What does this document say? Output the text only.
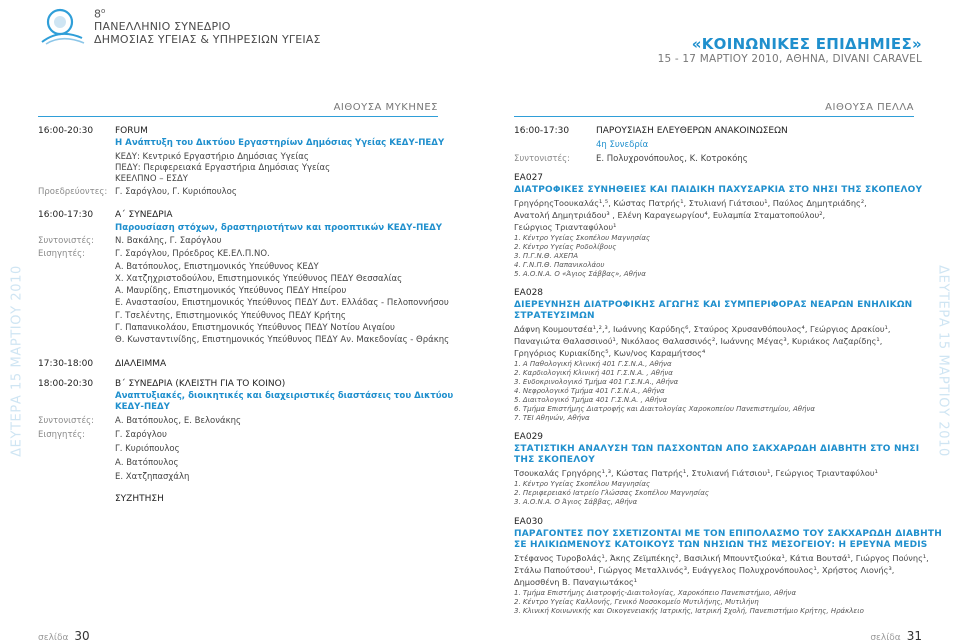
$8^o$
ΠΑΝΕΛΛΗΝΙΟ ΣΥΝΕΔΡΙΟ
ΔΗΜΟΣΙΑΣ ΥΓΕΙΑΣ & ΥΠΗΡΕΣΙΩΝ ΥΓΕΙΑΣ	«ΚΟΙΝΩΝΙΚΕΣ ΕΠΙΔΗΜΙΕΣ»
15 - 17 ΜΑΡΤΙΟΥ 2010, ΑΘΗΝΑ, DIVANI CARAVEL
ΔΕΥΤΕΡΑ 15 ΜΑΡΤΙΟΥ 2010	ΔΕΥΤΕΡΑ 15 ΜΑΡΤΙΟΥ 2010
ΑΙΘΟΥΣΑ ΜΥΚΗΝΕΣ
16:00-20:30 FORUM
Η Ανάπτυξη του Δικτύου Εργαστηρίων Δημόσιας Υγείας ΚΕΔΥ-ΠΕΔΥ
ΚΕΔΥ: Κεντρικό Εργαστήριο Δημόσιας Υγείας
ΠΕΔΥ: Περιφερειακά Εργαστήρια Δημόσιας Υγείας
ΚΕΕΛΠΝΟ – ΕΣΔΥ
Προεδρεύοντες: Γ. Σαρόγλου, Γ. Κυριόπουλος
16:00-17:30 Α΄ ΣΥΝΕΔΡΙΑ
Παρουσίαση στόχων, δραστηριοτήτων και προοπτικών ΚΕΔΥ-ΠΕΔΥ
Συντονιστές: Ν. Βακάλης, Γ. Σαρόγλου
Εισηγητές:	Γ. Σαρόγλου, Πρόεδρος ΚΕ.ΕΛ.Π.ΝΟ.
Α. Βατόπουλος, Επιστημονικός Υπεύθυνος ΚΕΔΥ
Χ. Χατζηχριστοδούλου, Επιστημονικός Υπεύθυνος ΠΕΔΥ Θεσσαλίας
Α. Μαυρίδης, Επιστημονικός Υπεύθυνος ΠΕΔΥ Ηπείρου
Ε. Αναστασίου, Επιστημονικός Υπεύθυνος ΠΕΔΥ Δυτ. Ελλάδας - Πελοποννήσου
Γ. Τσελέντης, Επιστημονικός Υπεύθυνος ΠΕΔΥ Κρήτης
Γ. Παπανικολάου, Επιστημονικός Υπεύθυνος ΠΕΔΥ Νοτίου Αιγαίου
Θ. Κωνσταντινίδης, Επιστημονικός Υπεύθυνος ΠΕΔΥ Αν. Μακεδονίας - Θράκης
17:30-18:00 ΔΙΑΛΕΙΜΜΑ
18:00-20:30 Β΄ ΣΥΝΕΔΡΙΑ (ΚΛΕΙΣΤΗ ΓΙΑ ΤΟ ΚΟΙΝΟ)
Αναπτυξιακές, διοικητικές και διαχειριστικές διαστάσεις του Δικτύου
ΚΕΔΥ-ΠΕΔΥ
Συντονιστές: Α. Βατόπουλος, Ε. Βελονάκης
Εισηγητές:	Γ. Σαρόγλου
Γ. Κυριόπουλος
Α. Βατόπουλος
Ε. Χατζηπασχάλη
ΣΥΖΗΤΗΣΗ
ΑΙΘΟΥΣΑ ΠΕΛΛΑ
16:00-17:30	ΠΑΡΟΥΣΙΑΣΗ ΕΛΕΥΘΕΡΩΝ ΑΝΑΚΟΙΝΩΣΕΩΝ
4η Συνεδρία
Συντονιστές:	Ε. Πολυχρονόπουλος, Κ. Κοτροκόης
ΕΑ027
ΔΙΑΤΡΟΦΙΚΕΣ ΣΥΝΗΘΕΙΕΣ ΚΑΙ ΠΑΙΔΙΚΗ ΠΑΧΥΣΑΡΚΙΑ ΣΤΟ ΝΗΣΙ ΤΗΣ ΣΚΟΠΕΛΟΥ
ΓρηγόρηςΤοουκαλάς¹,⁵, Κώστας Πατρής¹, Στυλιανή Γιάτσιου¹, Παύλος Δημητριάδης²,
Ανατολή Δημητριάδου³ , Ελένη Καραγεωργίου⁴, Ευλαμπία Σταματοπούλου²,
Γεώργιος Τριανταφύλου¹
1. Κέντρο Υγείας Σκοπέλου Μαγνησίας
2. Κέντρο Υγείας Ροδολίβους
3. Π.Γ.Ν.Θ. ΑΧΕΠΑ
4. Γ.Ν.Π.Θ. Παπανικολάου
5. Α.Ο.Ν.Α. Ο «Άγιος Σάββας», Αθήνα
ΕΑ028
ΔΙΕΡΕΥΝΗΣΗ ΔΙΑΤΡΟΦΙΚΗΣ ΑΓΩΓΗΣ ΚΑΙ ΣΥΜΠΕΡΙΦΟΡΑΣ ΝΕΑΡΩΝ ΕΝΗΛΙΚΩΝ
ΣΤΡΑΤΕΥΣΙΜΩΝ
Δάφνη Κουμουτσέα¹,²,³, Ιωάννης Καρύδης⁶, Σταύρος Χρυσανθόπουλος⁴, Γεώργιος Δρακίου¹,
Παναγιώτα Θαλασσινού¹, Νικόλαος Θαλασσινός², Ιωάννης Μέγας³, Κυριάκος Λαζαρίδης¹,
Γρηγόριος Κυριακίδης⁵, Κων/νος Καραμήτσος⁴
1. Α Παθολογική Κλινική 401 Γ.Σ.Ν.Α., Αθήνα
2. Καρδιολογική Κλινική 401 Γ.Σ.Ν.Α. , Αθήνα
3. Ενδοκρινολογικό Τμήμα 401 Γ.Σ.Ν.Α., Αθήνα
4. Νεφρολογικό Τμήμα 401 Γ.Σ.Ν.Α., Αθήνα
5. Διαιτολογικό Τμήμα 401 Γ.Σ.Ν.Α. , Αθήνα
6. Τμήμα Επιστήμης Διατροφής και Διαιτολογίας Χαροκοπείου Πανεπιστημίου, Αθήνα
7. ΤΕΙ Αθηνών, Αθήνα
ΕΑ029
ΣΤΑΤΙΣΤΙΚΗ ΑΝΑΛΥΣΗ ΤΩΝ ΠΑΣΧΟΝΤΩΝ ΑΠΟ ΣΑΚΧΑΡΩΔΗ ΔΙΑΒΗΤΗ ΣΤΟ ΝΗΣΙ
ΤΗΣ ΣΚΟΠΕΛΟΥ
Τσουκαλάς Γρηγόρης¹,³, Κώστας Πατρής¹, Στυλιανή Γιάτσιου¹, Γεώργιος Τριανταφύλου¹
1. Κέντρο Υγείας Σκοπέλου Μαγνησίας
2. Περιφερειακό Ιατρείο Γλώσσας Σκοπέλου Μαγνησίας
3. Α.Ο.Ν.Α. Ο Άγιος Σάββας, Αθήνα
ΕΑ030
ΠΑΡΑΓΟΝΤΕΣ ΠΟΥ ΣΧΕΤΙΖΟΝΤΑΙ ΜΕ ΤΟΝ ΕΠΙΠΟΛΑΣΜΟ ΤΟΥ ΣΑΚΧΑΡΩΔΗ ΔΙΑΒΗΤΗ
ΣΕ ΗΛΙΚΙΩΜΕΝΟΥΣ ΚΑΤΟΙΚΟΥΣ ΤΩΝ ΝΗΣΙΩΝ ΤΗΣ ΜΕΣΟΓΕΙΟΥ: Η ΕΡΕΥΝΑ MEDIS
Στέφανος Τυροβολάς¹, Άκης Ζεϊμπέκης², Βασιλική Μπουντζιούκα¹, Κάτια Βουτσά¹, Γιώργος Πούνης¹,
Στάλω Παπούτσου¹, Γιώργος Μεταλλινός³, Ευάγγελος Πολυχρονόπουλος¹, Χρήστος Λιονής³,
Δημοσθένη Β. Παναγιωτάκος¹
1. Τμήμα Επιστήμης Διατροφής-Διαιτολογίας, Χαροκόπειο Πανεπιστήμιο, Αθήνα
2. Κέντρο Υγείας Καλλονής, Γενικό Νοσοκομείο Μυτιλήνης, Μυτιλήνη
3. Κλινική Κοινωνικής και Οικογενειακής Ιατρικής, Ιατρική Σχολή, Πανεπιστήμιο Κρήτης, Ηράκλειο
σελίδα 30	σελίδα 31
